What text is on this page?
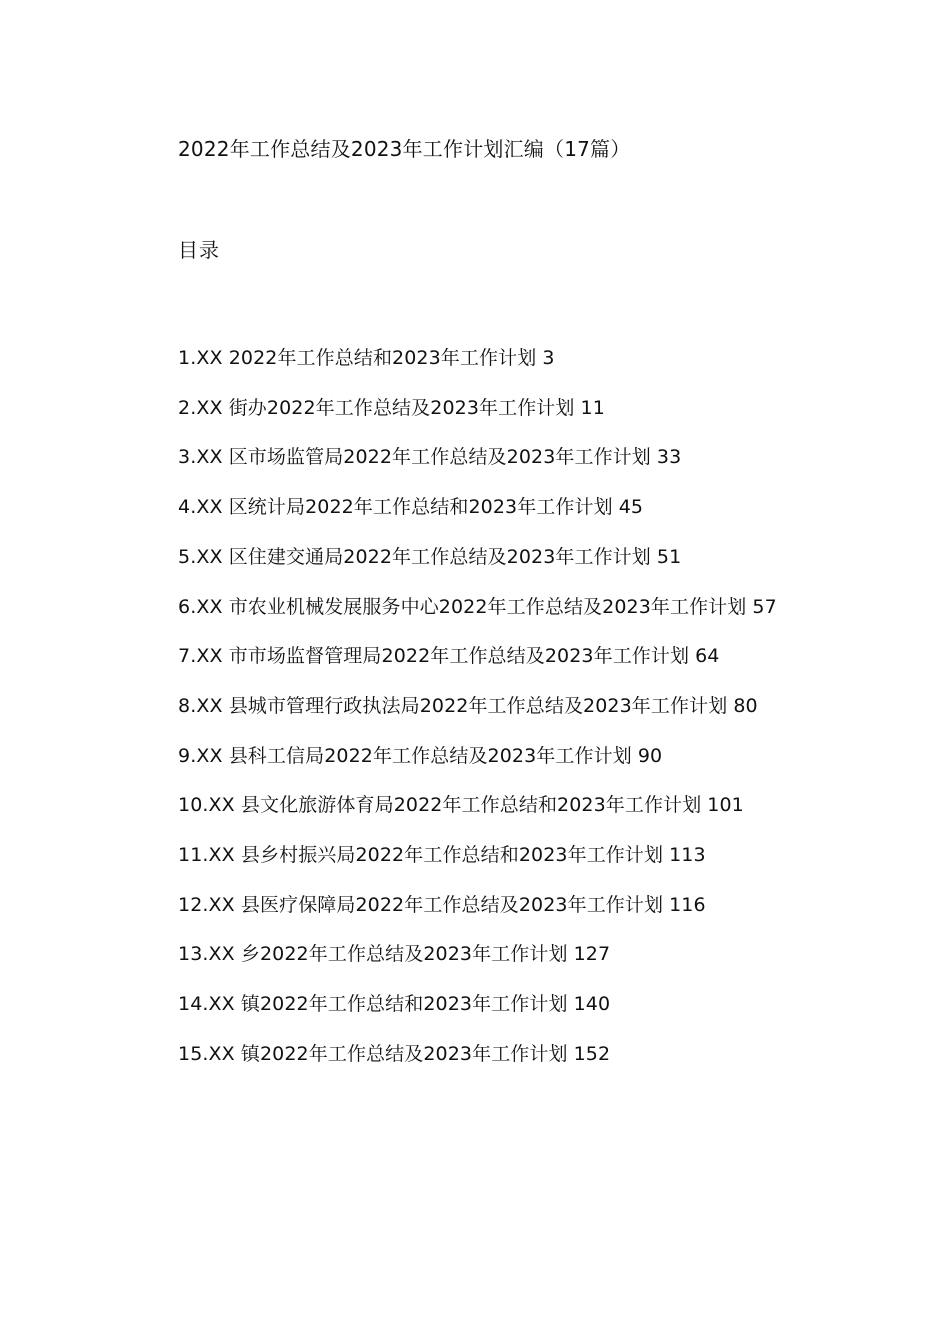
2022年工作总结及2023年工作计划汇编（17篇）
目录
1.XX 2022年工作总结和2023年工作计划 3
2.XX 街办2022年工作总结及2023年工作计划 11
3.XX 区市场监管局2022年工作总结及2023年工作计划 33
4.XX 区统计局2022年工作总结和2023年工作计划 45
5.XX 区住建交通局2022年工作总结及2023年工作计划 51
6.XX 市农业机械发展服务中心2022年工作总结及2023年工作计划 57
7.XX 市市场监督管理局2022年工作总结及2023年工作计划 64
8.XX 县城市管理行政执法局2022年工作总结及2023年工作计划 80
9.XX 县科工信局2022年工作总结及2023年工作计划 90
10.XX 县文化旅游体育局2022年工作总结和2023年工作计划 101
11.XX 县乡村振兴局2022年工作总结和2023年工作计划 113
12.XX 县医疗保障局2022年工作总结及2023年工作计划 116
13.XX 乡2022年工作总结及2023年工作计划 127
14.XX 镇2022年工作总结和2023年工作计划 140
15.XX 镇2022年工作总结及2023年工作计划 152
